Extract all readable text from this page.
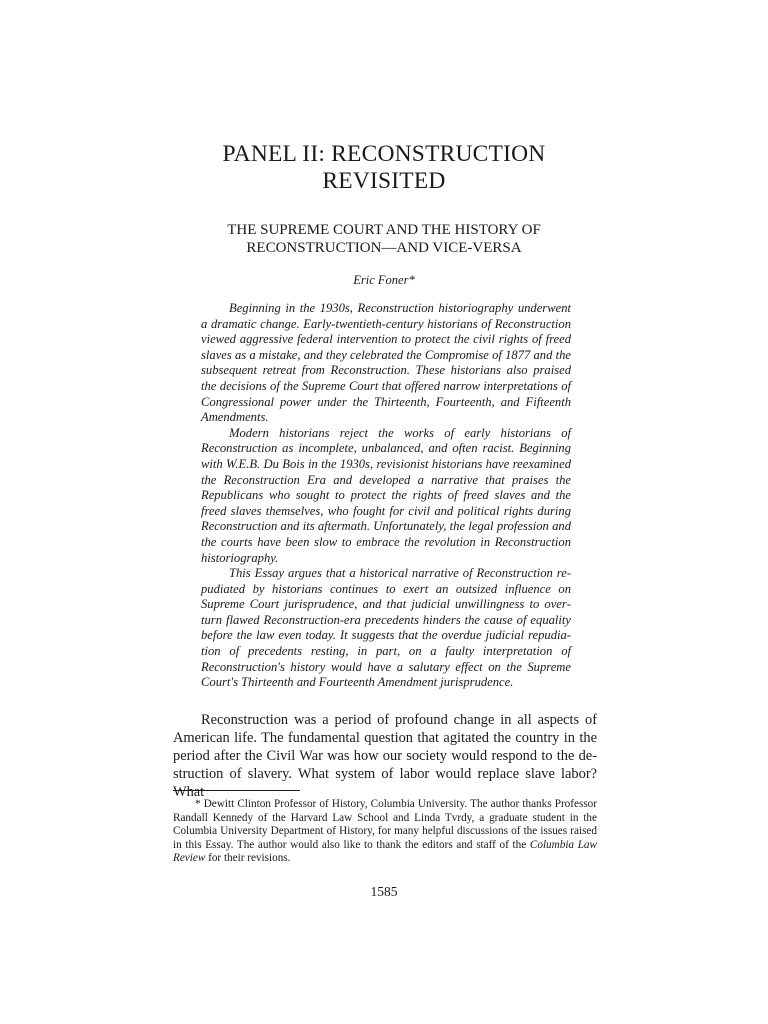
PANEL II: RECONSTRUCTION
REVISITED
THE SUPREME COURT AND THE HISTORY OF
RECONSTRUCTION—AND VICE-VERSA
Eric Foner*

Beginning in the 1930s, Reconstruction historiography underwent a dramatic change. Early-twentieth-century historians of Reconstruction viewed aggressive federal intervention to protect the civil rights of freed slaves as a mistake, and they celebrated the Compromise of 1877 and the subsequent retreat from Reconstruction. These historians also praised the decisions of the Supreme Court that offered narrow interpretations of Congressional power under the Thirteenth, Fourteenth, and Fifteenth Amendments.

Modern historians reject the works of early historians of Reconstruction as incomplete, unbalanced, and often racist. Beginning with W.E.B. Du Bois in the 1930s, revisionist historians have reexamined the Reconstruction Era and developed a narrative that praises the Republicans who sought to protect the rights of freed slaves and the freed slaves themselves, who fought for civil and political rights during Reconstruction and its aftermath. Unfortunately, the legal profession and the courts have been slow to embrace the revolution in Reconstruction historiography.

This Essay argues that a historical narrative of Reconstruction repudiated by historians continues to exert an outsized influence on Supreme Court jurisprudence, and that judicial unwillingness to overturn flawed Reconstruction-era precedents hinders the cause of equality before the law even today. It suggests that the overdue judicial repudiation of precedents resting, in part, on a faulty interpretation of Reconstruction's history would have a salutary effect on the Supreme Court's Thirteenth and Fourteenth Amendment jurisprudence.

Reconstruction was a period of profound change in all aspects of American life. The fundamental question that agitated the country in the period after the Civil War was how our society would respond to the destruction of slavery. What system of labor would replace slave labor? What

* Dewitt Clinton Professor of History, Columbia University. The author thanks Professor Randall Kennedy of the Harvard Law School and Linda Tvrdy, a graduate student in the Columbia University Department of History, for many helpful discussions of the issues raised in this Essay. The author would also like to thank the editors and staff of the Columbia Law Review for their revisions.

1585
